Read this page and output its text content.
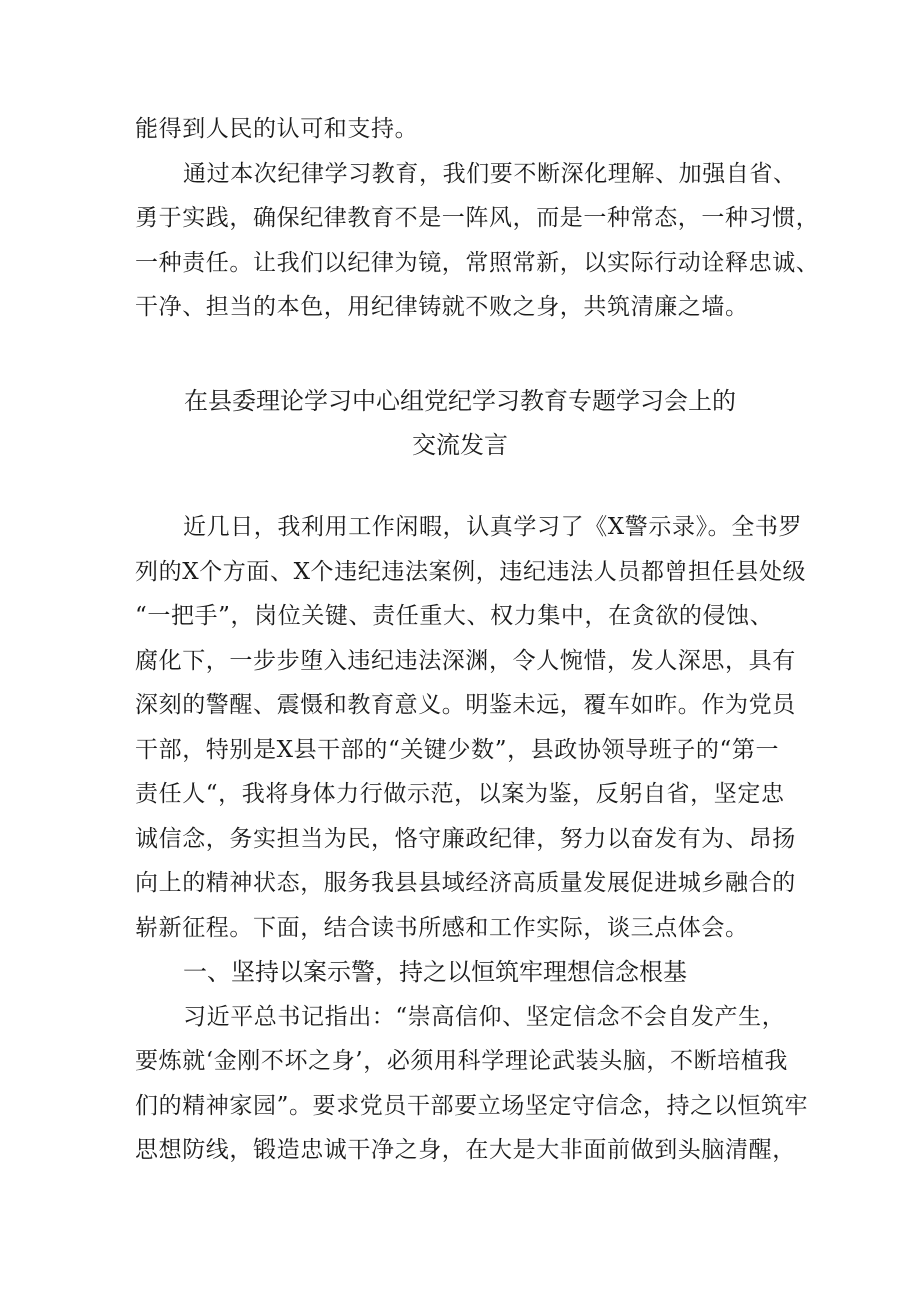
能得到人民的认可和支持。
通过本次纪律学习教育，我们要不断深化理解、加强自省、
勇于实践，确保纪律教育不是一阵风，而是一种常态，一种习惯，
一种责任。让我们以纪律为镜，常照常新，以实际行动诠释忠诚、
干净、担当的本色，用纪律铸就不败之身，共筑清廉之墙。
在县委理论学习中心组党纪学习教育专题学习会上的
交流发言
近几日，我利用工作闲暇，认真学习了《X警示录》。全书罗
列的X个方面、X个违纪违法案例，违纪违法人员都曾担任县处级
“一把手”，岗位关键、责任重大、权力集中，在贪欲的侵蚀、
腐化下，一步步堕入违纪违法深渊，令人惋惜，发人深思，具有
深刻的警醒、震慑和教育意义。明鉴未远，覆车如昨。作为党员
干部，特别是X县干部的“关键少数”，县政协领导班子的“第一
责任人“，我将身体力行做示范，以案为鉴，反躬自省，坚定忠
诚信念，务实担当为民，恪守廉政纪律，努力以奋发有为、昂扬
向上的精神状态，服务我县县域经济高质量发展促进城乡融合的
崭新征程。下面，结合读书所感和工作实际，谈三点体会。
一、坚持以案示警，持之以恒筑牢理想信念根基
习近平总书记指出：“崇高信仰、坚定信念不会自发产生，
要炼就‘金刚不坏之身’，必须用科学理论武装头脑，不断培植我
们的精神家园”。要求党员干部要立场坚定守信念，持之以恒筑牢
思想防线，锻造忠诚干净之身，在大是大非面前做到头脑清醒，
